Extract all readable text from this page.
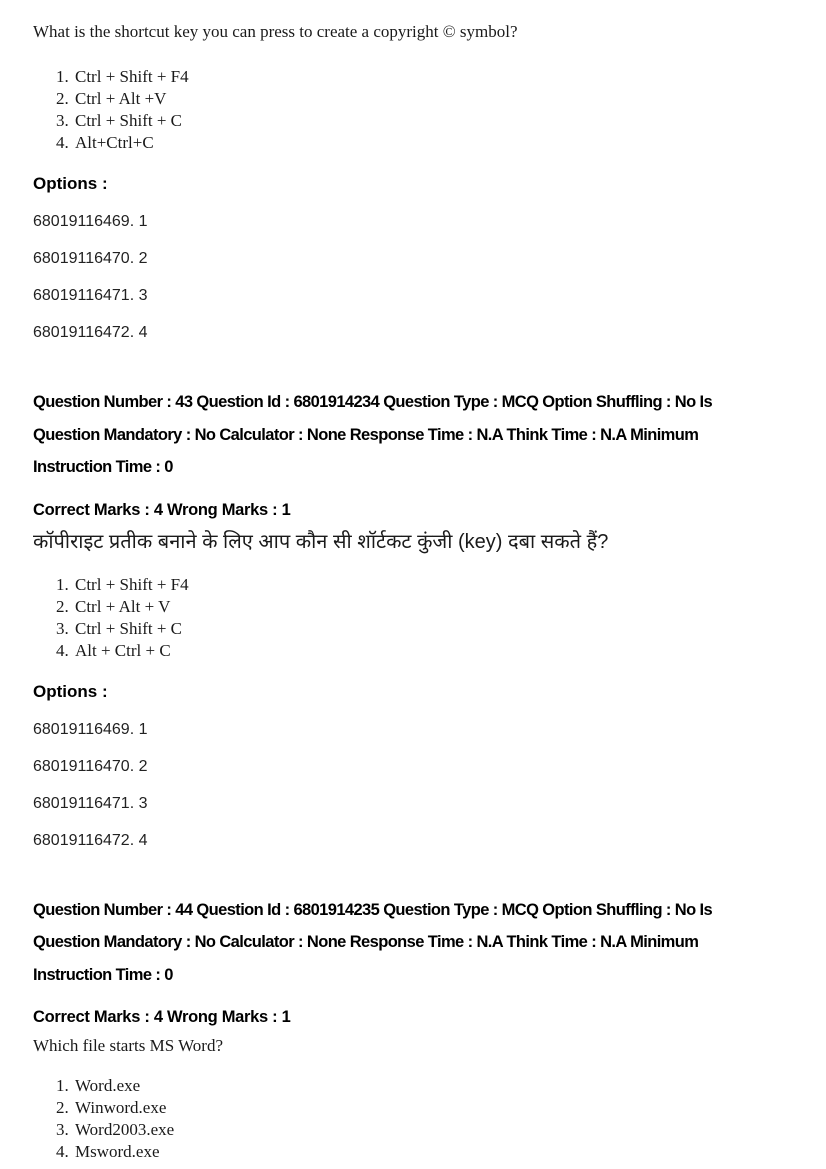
What is the shortcut key you can press to create a copyright © symbol?

1. Ctrl + Shift + F4
2. Ctrl + Alt +V
3. Ctrl + Shift + C
4. Alt+Ctrl+C

Options :

68019116469. 1

68019116470. 2

68019116471. 3

68019116472. 4

Question Number : 43 Question Id : 6801914234 Question Type : MCQ Option Shuffling : No Is
Question Mandatory : No Calculator : None Response Time : N.A Think Time : N.A Minimum
Instruction Time : 0

Correct Marks : 4 Wrong Marks : 1

कॉपीराइट प्रतीक बनाने के लिए आप कौन सी शॉर्टकट कुंजी (key) दबा सकते हैं?

1. Ctrl + Shift + F4
2. Ctrl + Alt + V
3. Ctrl + Shift + C
4. Alt + Ctrl + C

Options :

68019116469. 1

68019116470. 2

68019116471. 3

68019116472. 4

Question Number : 44 Question Id : 6801914235 Question Type : MCQ Option Shuffling : No Is
Question Mandatory : No Calculator : None Response Time : N.A Think Time : N.A Minimum
Instruction Time : 0

Correct Marks : 4 Wrong Marks : 1

Which file starts MS Word?

1. Word.exe
2. Winword.exe
3. Word2003.exe
4. Msword.exe
